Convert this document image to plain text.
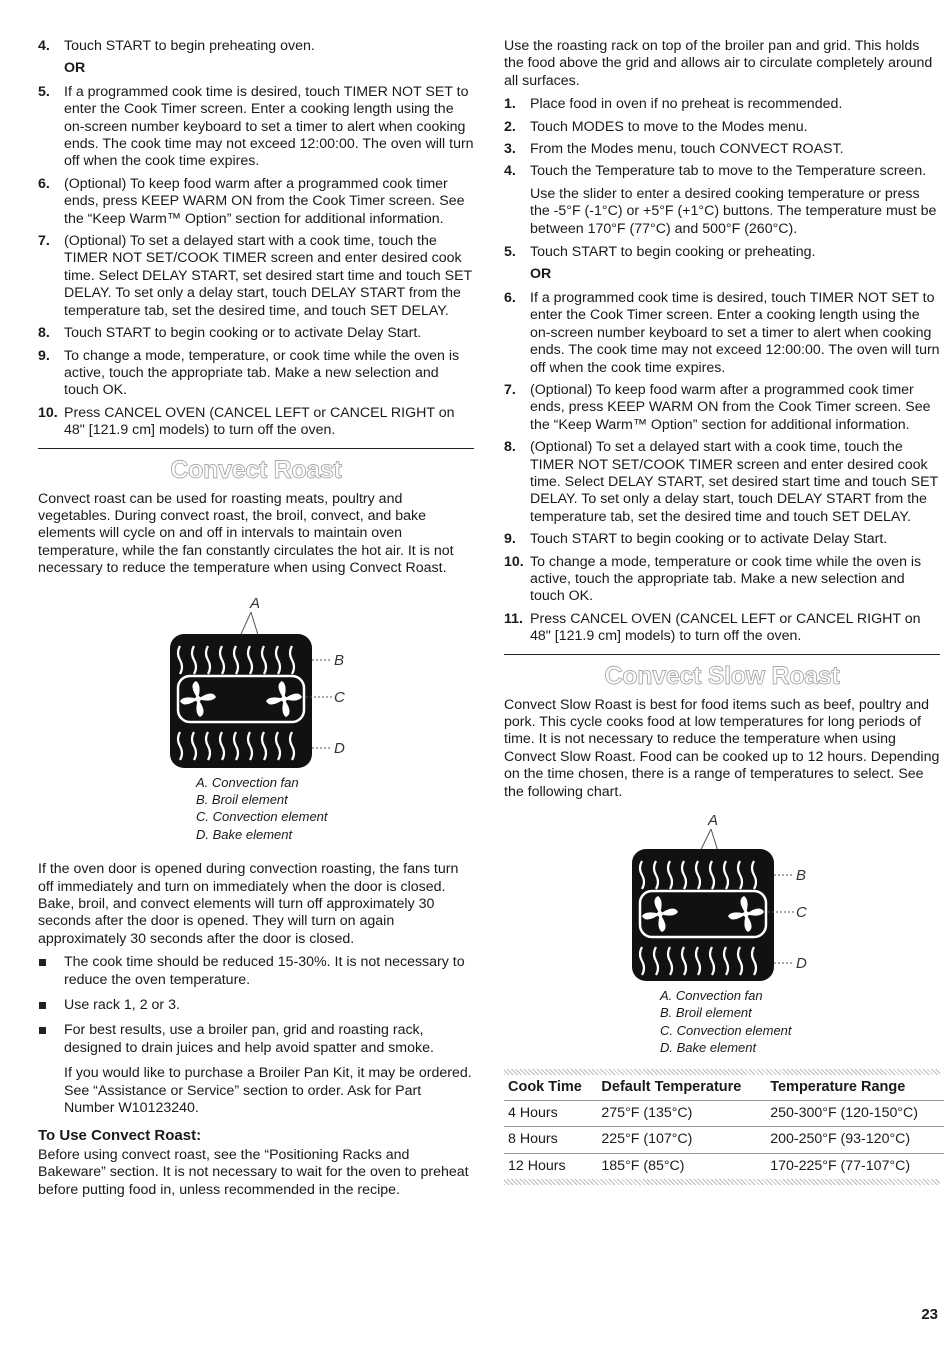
4. Touch START to begin preheating oven.
OR
5. If a programmed cook time is desired, touch TIMER NOT SET to enter the Cook Timer screen. Enter a cooking length using the on-screen number keyboard to set a timer to alert when cooking ends. The cook time may not exceed 12:00:00. The oven will turn off when the cook time expires.
6. (Optional) To keep food warm after a programmed cook timer ends, press KEEP WARM ON from the Cook Timer screen. See the “Keep Warm™ Option” section for additional information.
7. (Optional) To set a delayed start with a cook time, touch the TIMER NOT SET/COOK TIMER screen and enter desired cook time. Select DELAY START, set desired start time and touch SET DELAY. To set only a delay start, touch DELAY START from the temperature tab, set the desired time, and touch SET DELAY.
8. Touch START to begin cooking or to activate Delay Start.
9. To change a mode, temperature, or cook time while the oven is active, touch the appropriate tab. Make a new selection and touch OK.
10. Press CANCEL OVEN (CANCEL LEFT or CANCEL RIGHT on 48" [121.9 cm] models) to turn off the oven.
Convect Roast

Convect roast can be used for roasting meats, poultry and vegetables. During convect roast, the broil, convect, and bake elements will cycle on and off in intervals to maintain oven temperature, while the fan constantly circulates the hot air. It is not necessary to reduce the temperature when using Convect Roast.

A
B
C
D
A. Convection fan
B. Broil element
C. Convection element
D. Bake element

If the oven door is opened during convection roasting, the fans turn off immediately and turn on immediately when the door is closed. Bake, broil, and convect elements will turn off approximately 30 seconds after the door is opened. They will turn on again approximately 30 seconds after the door is closed.

The cook time should be reduced 15-30%. It is not necessary to reduce the oven temperature.
Use rack 1, 2 or 3.
For best results, use a broiler pan, grid and roasting rack, designed to drain juices and help avoid spatter and smoke.

If you would like to purchase a Broiler Pan Kit, it may be ordered. See “Assistance or Service” section to order. Ask for Part Number W10123240.

To Use Convect Roast:

Before using convect roast, see the “Positioning Racks and Bakeware” section. It is not necessary to wait for the oven to preheat before putting food in, unless recommended in the recipe.

Use the roasting rack on top of the broiler pan and grid. This holds the food above the grid and allows air to circulate completely around all surfaces.

1. Place food in oven if no preheat is recommended.
2. Touch MODES to move to the Modes menu.
3. From the Modes menu, touch CONVECT ROAST.
4. Touch the Temperature tab to move to the Temperature screen.

Use the slider to enter a desired cooking temperature or press the -5°F (-1°C) or +5°F (+1°C) buttons. The temperature must be between 170°F (77°C) and 500°F (260°C).

5. Touch START to begin cooking or preheating.
OR
6. If a programmed cook time is desired, touch TIMER NOT SET to enter the Cook Timer screen. Enter a cooking length using the on-screen number keyboard to set a timer to alert when cooking ends. The cook time may not exceed 12:00:00. The oven will turn off when the cook time expires.
7. (Optional) To keep food warm after a programmed cook timer ends, press KEEP WARM ON from the Cook Timer screen. See the “Keep Warm™ Option” section for additional information.
8. (Optional) To set a delayed start with a cook time, touch the TIMER NOT SET/COOK TIMER screen and enter desired cook time. Select DELAY START, set desired start time and touch SET DELAY. To set only a delay start, touch DELAY START from the temperature tab, set the desired time and touch SET DELAY.
9. Touch START to begin cooking or to activate Delay Start.
10. To change a mode, temperature or cook time while the oven is active, touch the appropriate tab. Make a new selection and touch OK.
11. Press CANCEL OVEN (CANCEL LEFT or CANCEL RIGHT on 48" [121.9 cm] models) to turn off the oven.
Convect Slow Roast

Convect Slow Roast is best for food items such as beef, poultry and pork. This cycle cooks food at low temperatures for long periods of time. It is not necessary to reduce the temperature when using Convect Slow Roast. Food can be cooked up to 12 hours. Depending on the time chosen, there is a range of temperatures to select. See the following chart.

A
B
C
D
A. Convection fan
B. Broil element
C. Convection element
D. Bake element
Cook Time	Default Temperature	Temperature Range
4 Hours	275°F (135°C)	250-300°F (120-150°C)
8 Hours	225°F (107°C)	200-250°F (93-120°C)
12 Hours	185°F (85°C)	170-225°F (77-107°C)
23
